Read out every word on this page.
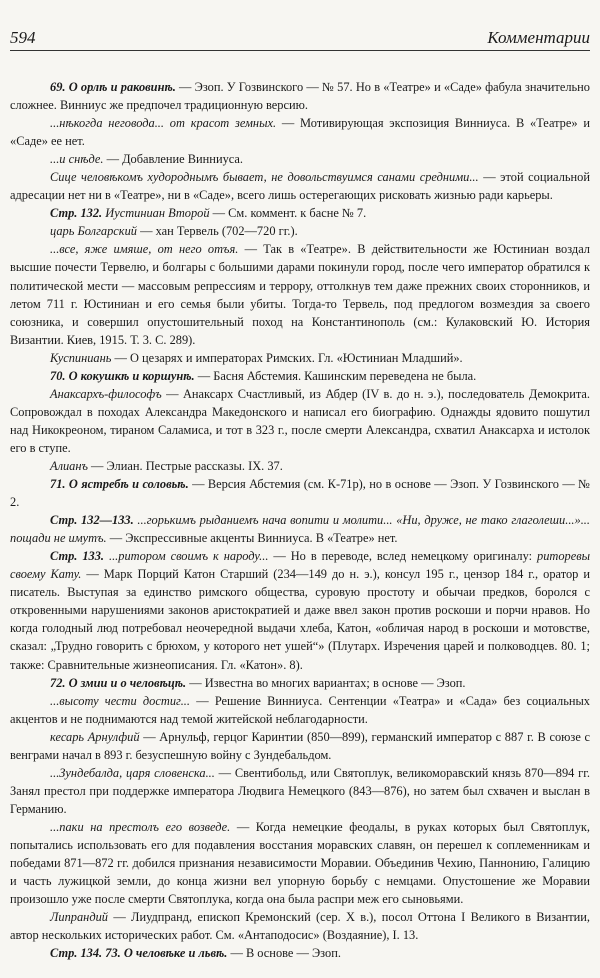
594	Комментарии
69. О орлѣ и раковинѣ. — Эзоп. У Гозвинского — № 57. Но в «Театре» и «Саде» фабула значительно сложнее. Винниус же предпочел традиционную версию.
...нѣкогда неговода... от красот земных. — Мотивирующая экспозиция Винниуса. В «Театре» и «Саде» ее нет.
...и снѣде. — Добавление Винниуса.
Сице человѣкомъ худороднымъ бывает, не довольствуимся санами средними... — этой социальной адресации нет ни в «Театре», ни в «Саде», всего лишь остерегающих рисковать жизнью ради карьеры.
Стр. 132. Иустиниан Второй — См. коммент. к басне № 7.
царь Болгарский — хан Тервель (702—720 гг.).
...все, яже имяше, от него отъя. — Так в «Театре». В действительности же Юстиниан воздал высшие почести Тервелю, и болгары с большими дарами покинули город, после чего император обратился к политической мести — массовым репрессиям и террору, оттолкнув тем даже прежних своих сторонников, и летом 711 г. Юстиниан и его семья были убиты. Тогда-то Тервель, под предлогом возмездия за своего союзника, и совершил опустошительный поход на Константинополь (см.: Кулаковский Ю. История Византии. Киев, 1915. Т. 3. С. 289).
Куспиниань — О цезарях и императорах Римских. Гл. «Юстиниан Младший».
70. О кокушкѣ и коршунѣ. — Басня Абстемия. Кашинским переведена не была.
Анаксархъ-философъ — Анаксарх Счастливый, из Абдер (IV в. до н. э.), последователь Демокрита. Сопровождал в походах Александра Македонского и написал его биографию. Однажды ядовито пошутил над Никокреоном, тираном Саламиса, и тот в 323 г., после смерти Александра, схватил Анаксарха и истолок его в ступе.
Алианъ — Элиан. Пестрые рассказы. IX. 37.
71. О ястребѣ и соловьѣ. — Версия Абстемия (см. К-71р), но в основе — Эзоп. У Гозвинского — № 2.
Стр. 132—133. ...горькимъ рыданиемъ нача вопити и молити... «Ни, друже, не тако глаголеши...»... пощади не имутъ. — Экспрессивные акценты Винниуса. В «Театре» нет.
Стр. 133. ...ритором своимъ к народу... — Но в переводе, вслед немецкому оригиналу: риторевы своему Кату. — Марк Порций Катон Старший (234—149 до н. э.), консул 195 г., цензор 184 г., оратор и писатель. Выступая за единство римского общества, суровую простоту и обычаи предков, боролся с откровенными нарушениями законов аристократией и даже ввел закон против роскоши и порчи нравов. Но когда голодный люд потребовал неочередной выдачи хлеба, Катон, «обличая народ в роскоши и мотовстве, сказал: „Трудно говорить с брюхом, у которого нет ушей“» (Плутарх. Изречения царей и полководцев. 80. 1; также: Сравнительные жизнеописания. Гл. «Катон». 8).
72. О змии и о человѣцѣ. — Известна во многих вариантах; в основе — Эзоп.
...высоту чести достиг... — Решение Винниуса. Сентенции «Театра» и «Сада» без социальных акцентов и не поднимаются над темой житейской неблагодарности.
кесарь Арнулфий — Арнульф, герцог Каринтии (850—899), германский император с 887 г. В союзе с венграми начал в 893 г. безуспешную войну с Зундебальдом.
...Зундебалда, царя словенска... — Свентибольд, или Святоплук, великоморавский князь 870—894 гг. Занял престол при поддержке императора Людвига Немецкого (843—876), но затем был схвачен и выслан в Германию.
...паки на престолъ его возведе. — Когда немецкие феодалы, в руках которых был Святоплук, попытались использовать его для подавления восстания моравских славян, он перешел к соплеменникам и победами 871—872 гг. добился признания независимости Моравии. Объединив Чехию, Паннонию, Галицию и часть лужицкой земли, до конца жизни вел упорную борьбу с немцами. Опустошение же Моравии произошло уже после смерти Святоплука, когда она была распри меж его сыновьями.
Липрандий — Лиудпранд, епископ Кремонский (сер. X в.), посол Оттона I Великого в Византии, автор нескольких исторических работ. См. «Антаподосис» (Воздаяние), I. 13.
Стр. 134. 73. О человѣке и львѣ. — В основе — Эзоп.
